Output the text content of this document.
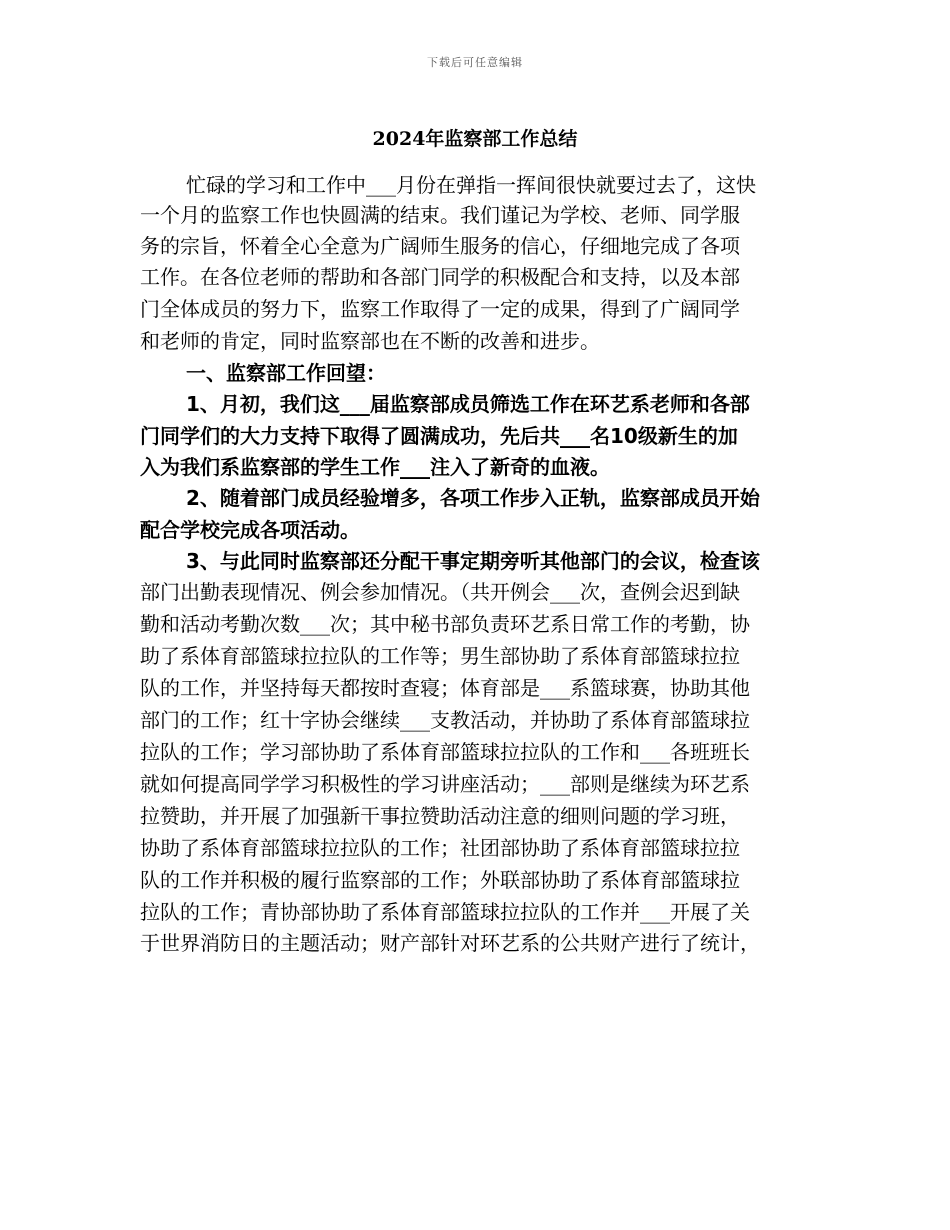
下载后可任意编辑
2024年监察部工作总结
忙碌的学习和工作中___月份在弹指一挥间很快就要过去了，这快
一个月的监察工作也快圆满的结束。我们谨记为学校、老师、同学服
务的宗旨，怀着全心全意为广阔师生服务的信心，仔细地完成了各项
工作。在各位老师的帮助和各部门同学的积极配合和支持，以及本部
门全体成员的努力下，监察工作取得了一定的成果，得到了广阔同学
和老师的肯定，同时监察部也在不断的改善和进步。
一、监察部工作回望：
1、月初，我们这___届监察部成员筛选工作在环艺系老师和各部
门同学们的大力支持下取得了圆满成功，先后共___名10级新生的加
入为我们系监察部的学生工作___注入了新奇的血液。
2、随着部门成员经验增多，各项工作步入正轨，监察部成员开始
配合学校完成各项活动。
3、与此同时监察部还分配干事定期旁听其他部门的会议，检查该
部门出勤表现情况、例会参加情况。（共开例会___次，查例会迟到缺
勤和活动考勤次数___次；其中秘书部负责环艺系日常工作的考勤，协
助了系体育部篮球拉拉队的工作等；男生部协助了系体育部篮球拉拉
队的工作，并坚持每天都按时查寝；体育部是___系篮球赛，协助其他
部门的工作；红十字协会继续___支教活动，并协助了系体育部篮球拉
拉队的工作；学习部协助了系体育部篮球拉拉队的工作和___各班班长
就如何提高同学学习积极性的学习讲座活动；___部则是继续为环艺系
拉赞助，并开展了加强新干事拉赞助活动注意的细则问题的学习班，
协助了系体育部篮球拉拉队的工作；社团部协助了系体育部篮球拉拉
队的工作并积极的履行监察部的工作；外联部协助了系体育部篮球拉
拉队的工作；青协部协助了系体育部篮球拉拉队的工作并___开展了关
于世界消防日的主题活动；财产部针对环艺系的公共财产进行了统计，
